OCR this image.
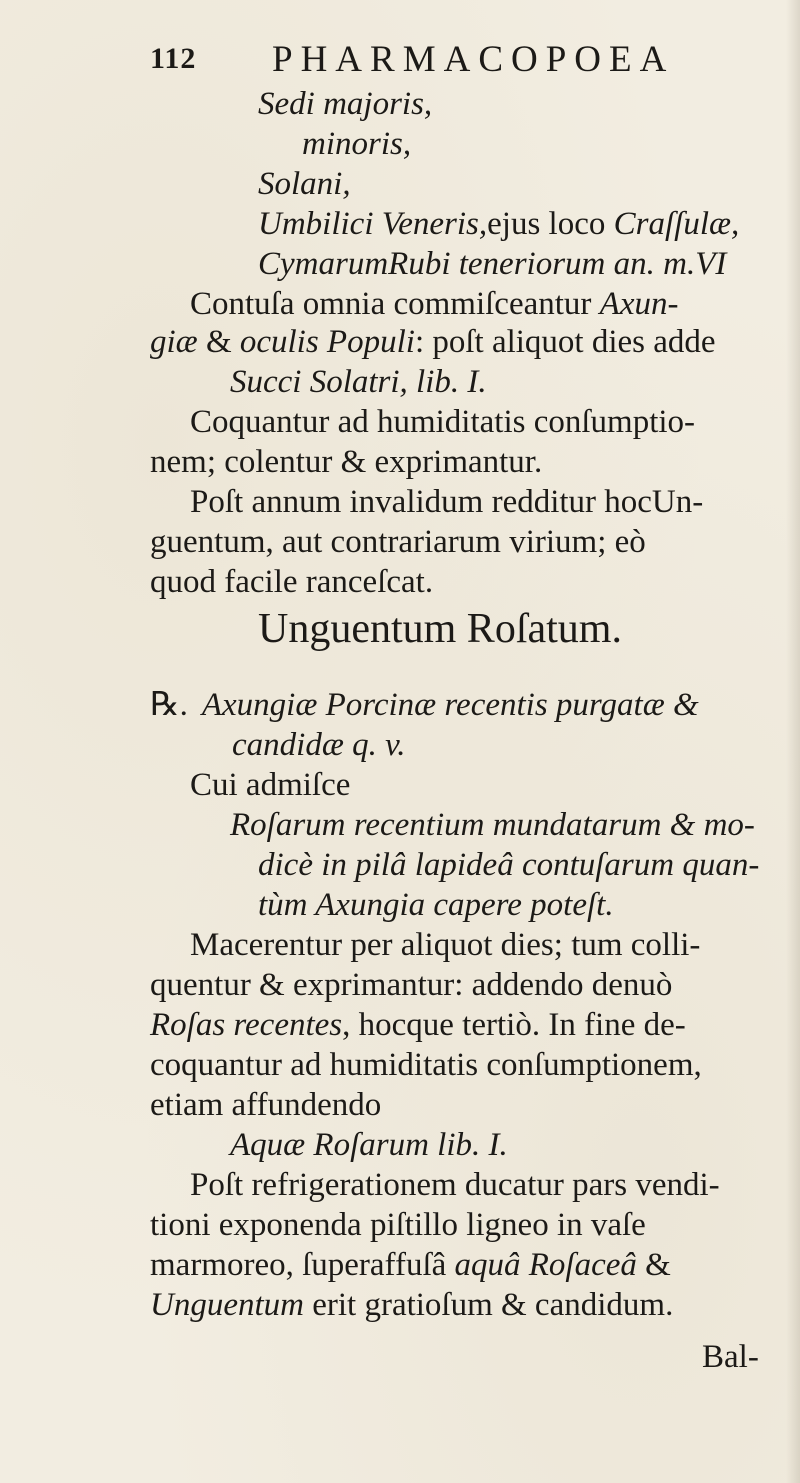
112 PHARMACOPOEA
Sedi majoris,
minoris,
Solani,
Umbilici Veneris,ejus loco Craſſulæ,
CymarumRubi teneriorum an. m.VI
Contuſa omnia commiſceantur Axun-
giæ & oculis Populi: poſt aliquot dies adde
Succi Solatri, lib. I.
Coquantur ad humiditatis conſumptio-
nem; colentur & exprimantur.
Poſt annum invalidum redditur hocUn-
guentum, aut contrariarum virium; eò
quod facile ranceſcat.
Unguentum Roſatum.
℞. Axungiæ Porcinæ recentis purgatæ &
candidæ q. v.
Cui admiſce
Roſarum recentium mundatarum & mo-
dicè in pilâ lapideâ contuſarum quan-
tùm Axungia capere poteſt.
Macerentur per aliquot dies; tum colli-
quentur & exprimantur: addendo denuò
Roſas recentes, hocque tertiò. In fine de-
coquantur ad humiditatis conſumptionem,
etiam affundendo
Aquæ Roſarum lib. I.
Poſt refrigerationem ducatur pars vendi-
tioni exponenda piſtillo ligneo in vaſe
marmoreo, ſuperaffuſâ aquâ Roſaceâ &
Unguentum erit gratioſum & candidum.
Bal-
